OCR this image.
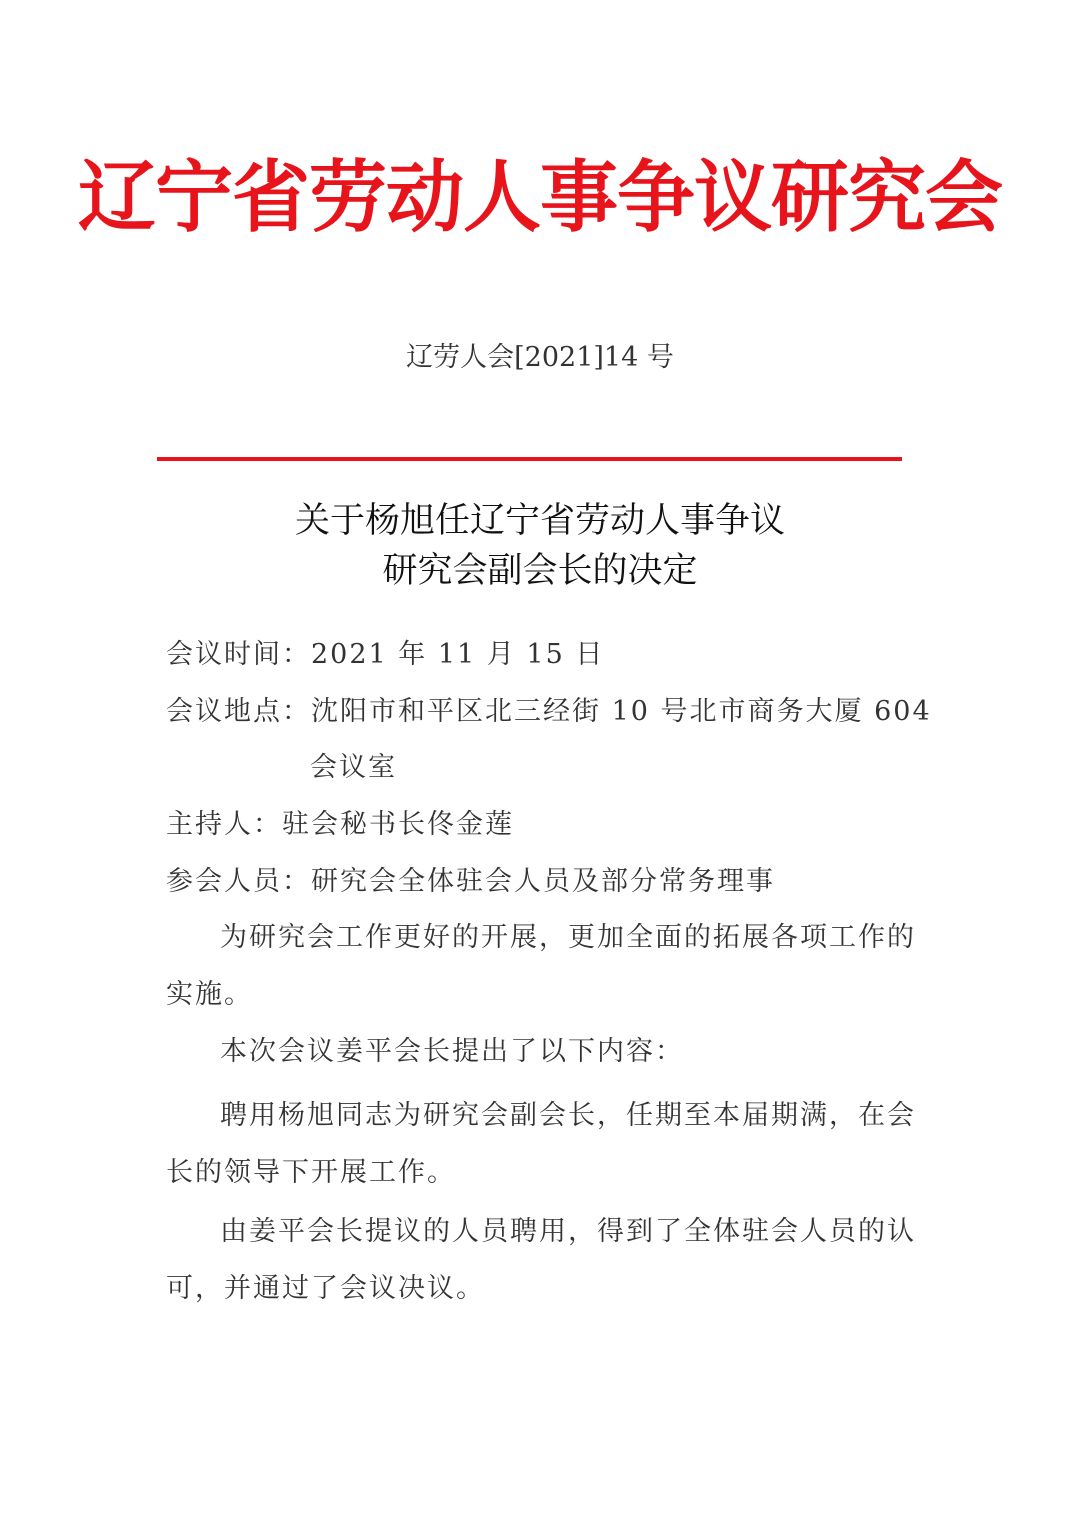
辽宁省劳动人事争议研究会
辽劳人会[2021]14 号
关于杨旭任辽宁省劳动人事争议
研究会副会长的决定
会议时间：2021 年 11 月 15 日
会议地点：沈阳市和平区北三经街 10 号北市商务大厦 604
会议室
主持人：驻会秘书长佟金莲
参会人员：研究会全体驻会人员及部分常务理事
为研究会工作更好的开展，更加全面的拓展各项工作的
实施。
本次会议姜平会长提出了以下内容：
聘用杨旭同志为研究会副会长，任期至本届期满，在会
长的领导下开展工作。
由姜平会长提议的人员聘用，得到了全体驻会人员的认
可，并通过了会议决议。
